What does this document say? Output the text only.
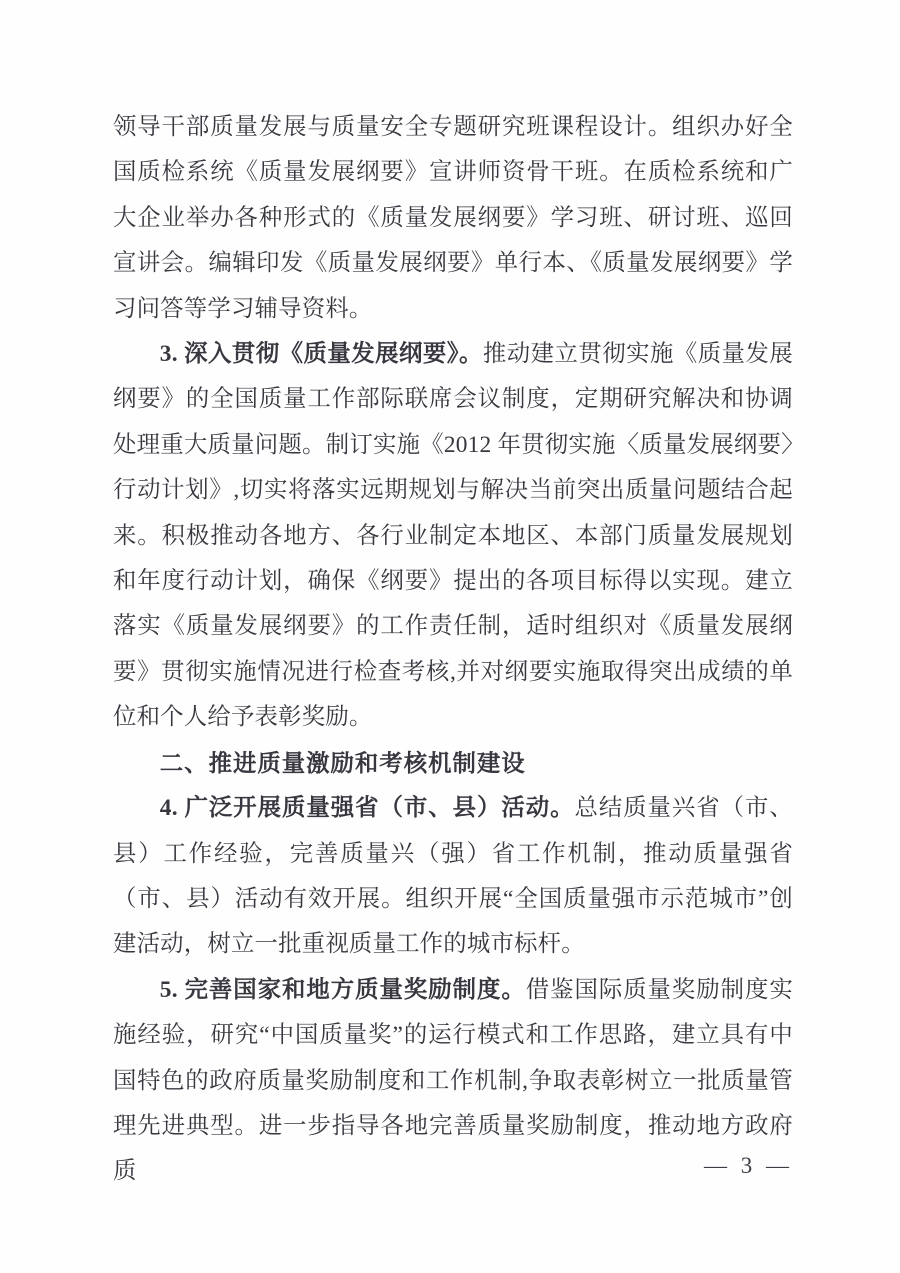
领导干部质量发展与质量安全专题研究班课程设计。组织办好全国质检系统《质量发展纲要》宣讲师资骨干班。在质检系统和广大企业举办各种形式的《质量发展纲要》学习班、研讨班、巡回宣讲会。编辑印发《质量发展纲要》单行本、《质量发展纲要》学习问答等学习辅导资料。

3. 深入贯彻《质量发展纲要》。推动建立贯彻实施《质量发展纲要》的全国质量工作部际联席会议制度，定期研究解决和协调处理重大质量问题。制订实施《2012 年贯彻实施〈质量发展纲要〉行动计划》,切实将落实远期规划与解决当前突出质量问题结合起来。积极推动各地方、各行业制定本地区、本部门质量发展规划和年度行动计划，确保《纲要》提出的各项目标得以实现。建立落实《质量发展纲要》的工作责任制，适时组织对《质量发展纲要》贯彻实施情况进行检查考核,并对纲要实施取得突出成绩的单位和个人给予表彰奖励。

二、推进质量激励和考核机制建设

4. 广泛开展质量强省（市、县）活动。总结质量兴省（市、县）工作经验，完善质量兴（强）省工作机制，推动质量强省（市、县）活动有效开展。组织开展“全国质量强市示范城市”创建活动，树立一批重视质量工作的城市标杆。

5. 完善国家和地方质量奖励制度。借鉴国际质量奖励制度实施经验，研究“中国质量奖”的运行模式和工作思路，建立具有中国特色的政府质量奖励制度和工作机制,争取表彰树立一批质量管理先进典型。进一步指导各地完善质量奖励制度，推动地方政府质	— 3 —
